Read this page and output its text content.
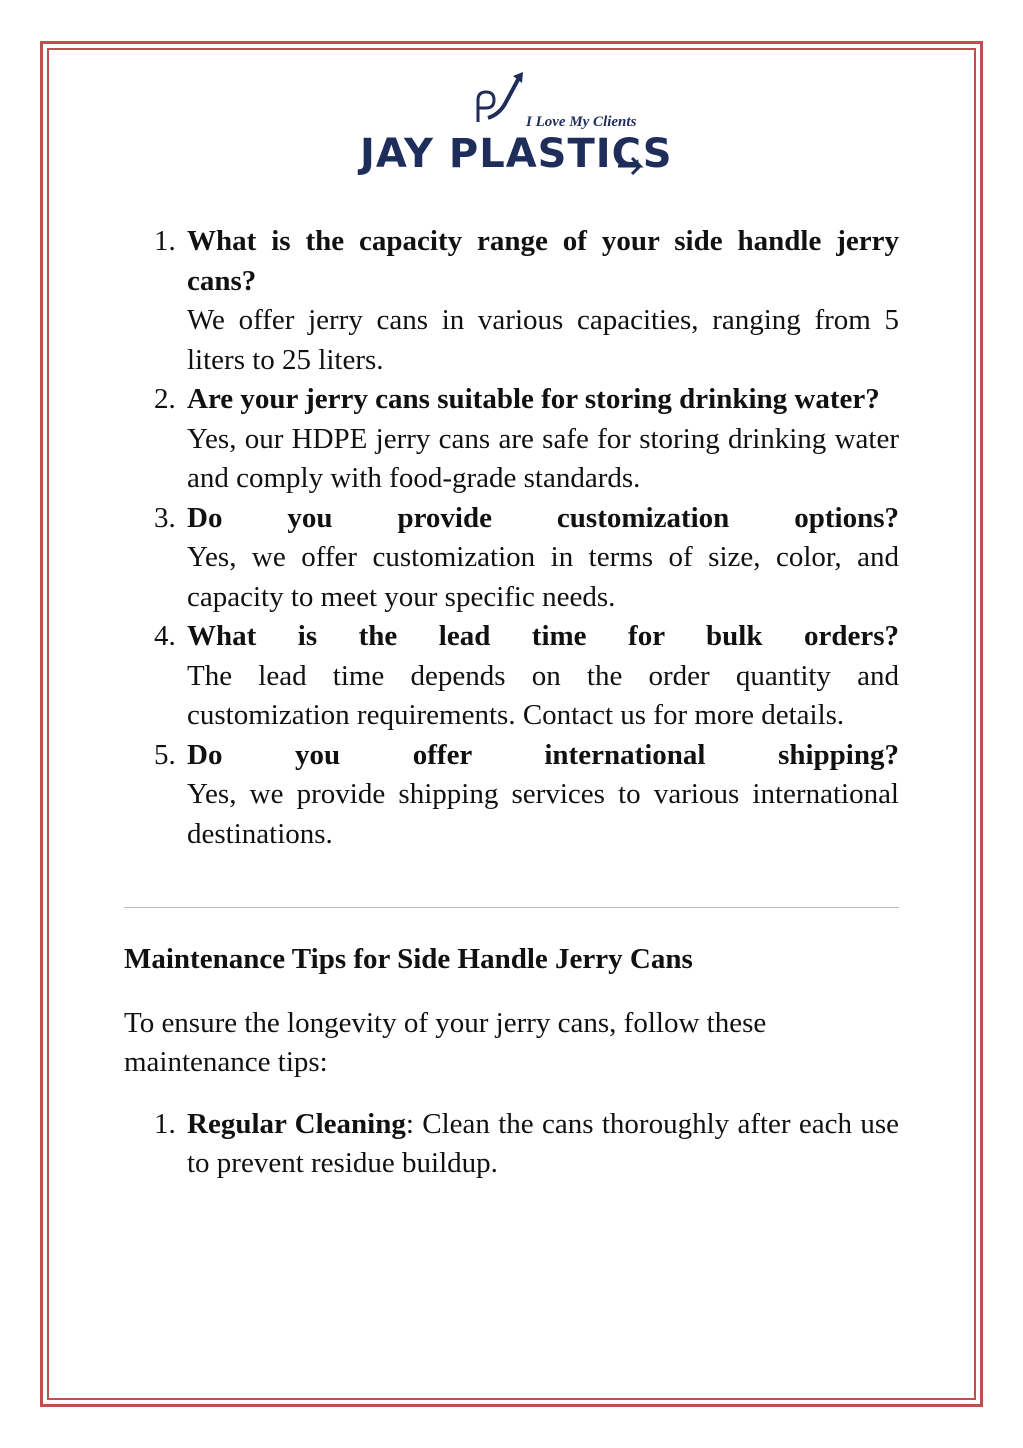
I Love My Clients
JAY PLASTICS
1. What is the capacity range of your side handle jerry cans?
We offer jerry cans in various capacities, ranging from 5 liters to 25 liters.
2. Are your jerry cans suitable for storing drinking water?
Yes, our HDPE jerry cans are safe for storing drinking water and comply with food-grade standards.
3. Do you provide customization options?
Yes, we offer customization in terms of size, color, and capacity to meet your specific needs.
4. What is the lead time for bulk orders?
The lead time depends on the order quantity and customization requirements. Contact us for more details.
5. Do you offer international shipping?
Yes, we provide shipping services to various international destinations.
Maintenance Tips for Side Handle Jerry Cans

To ensure the longevity of your jerry cans, follow these maintenance tips:

1. Regular Cleaning: Clean the cans thoroughly after each use to prevent residue buildup.
